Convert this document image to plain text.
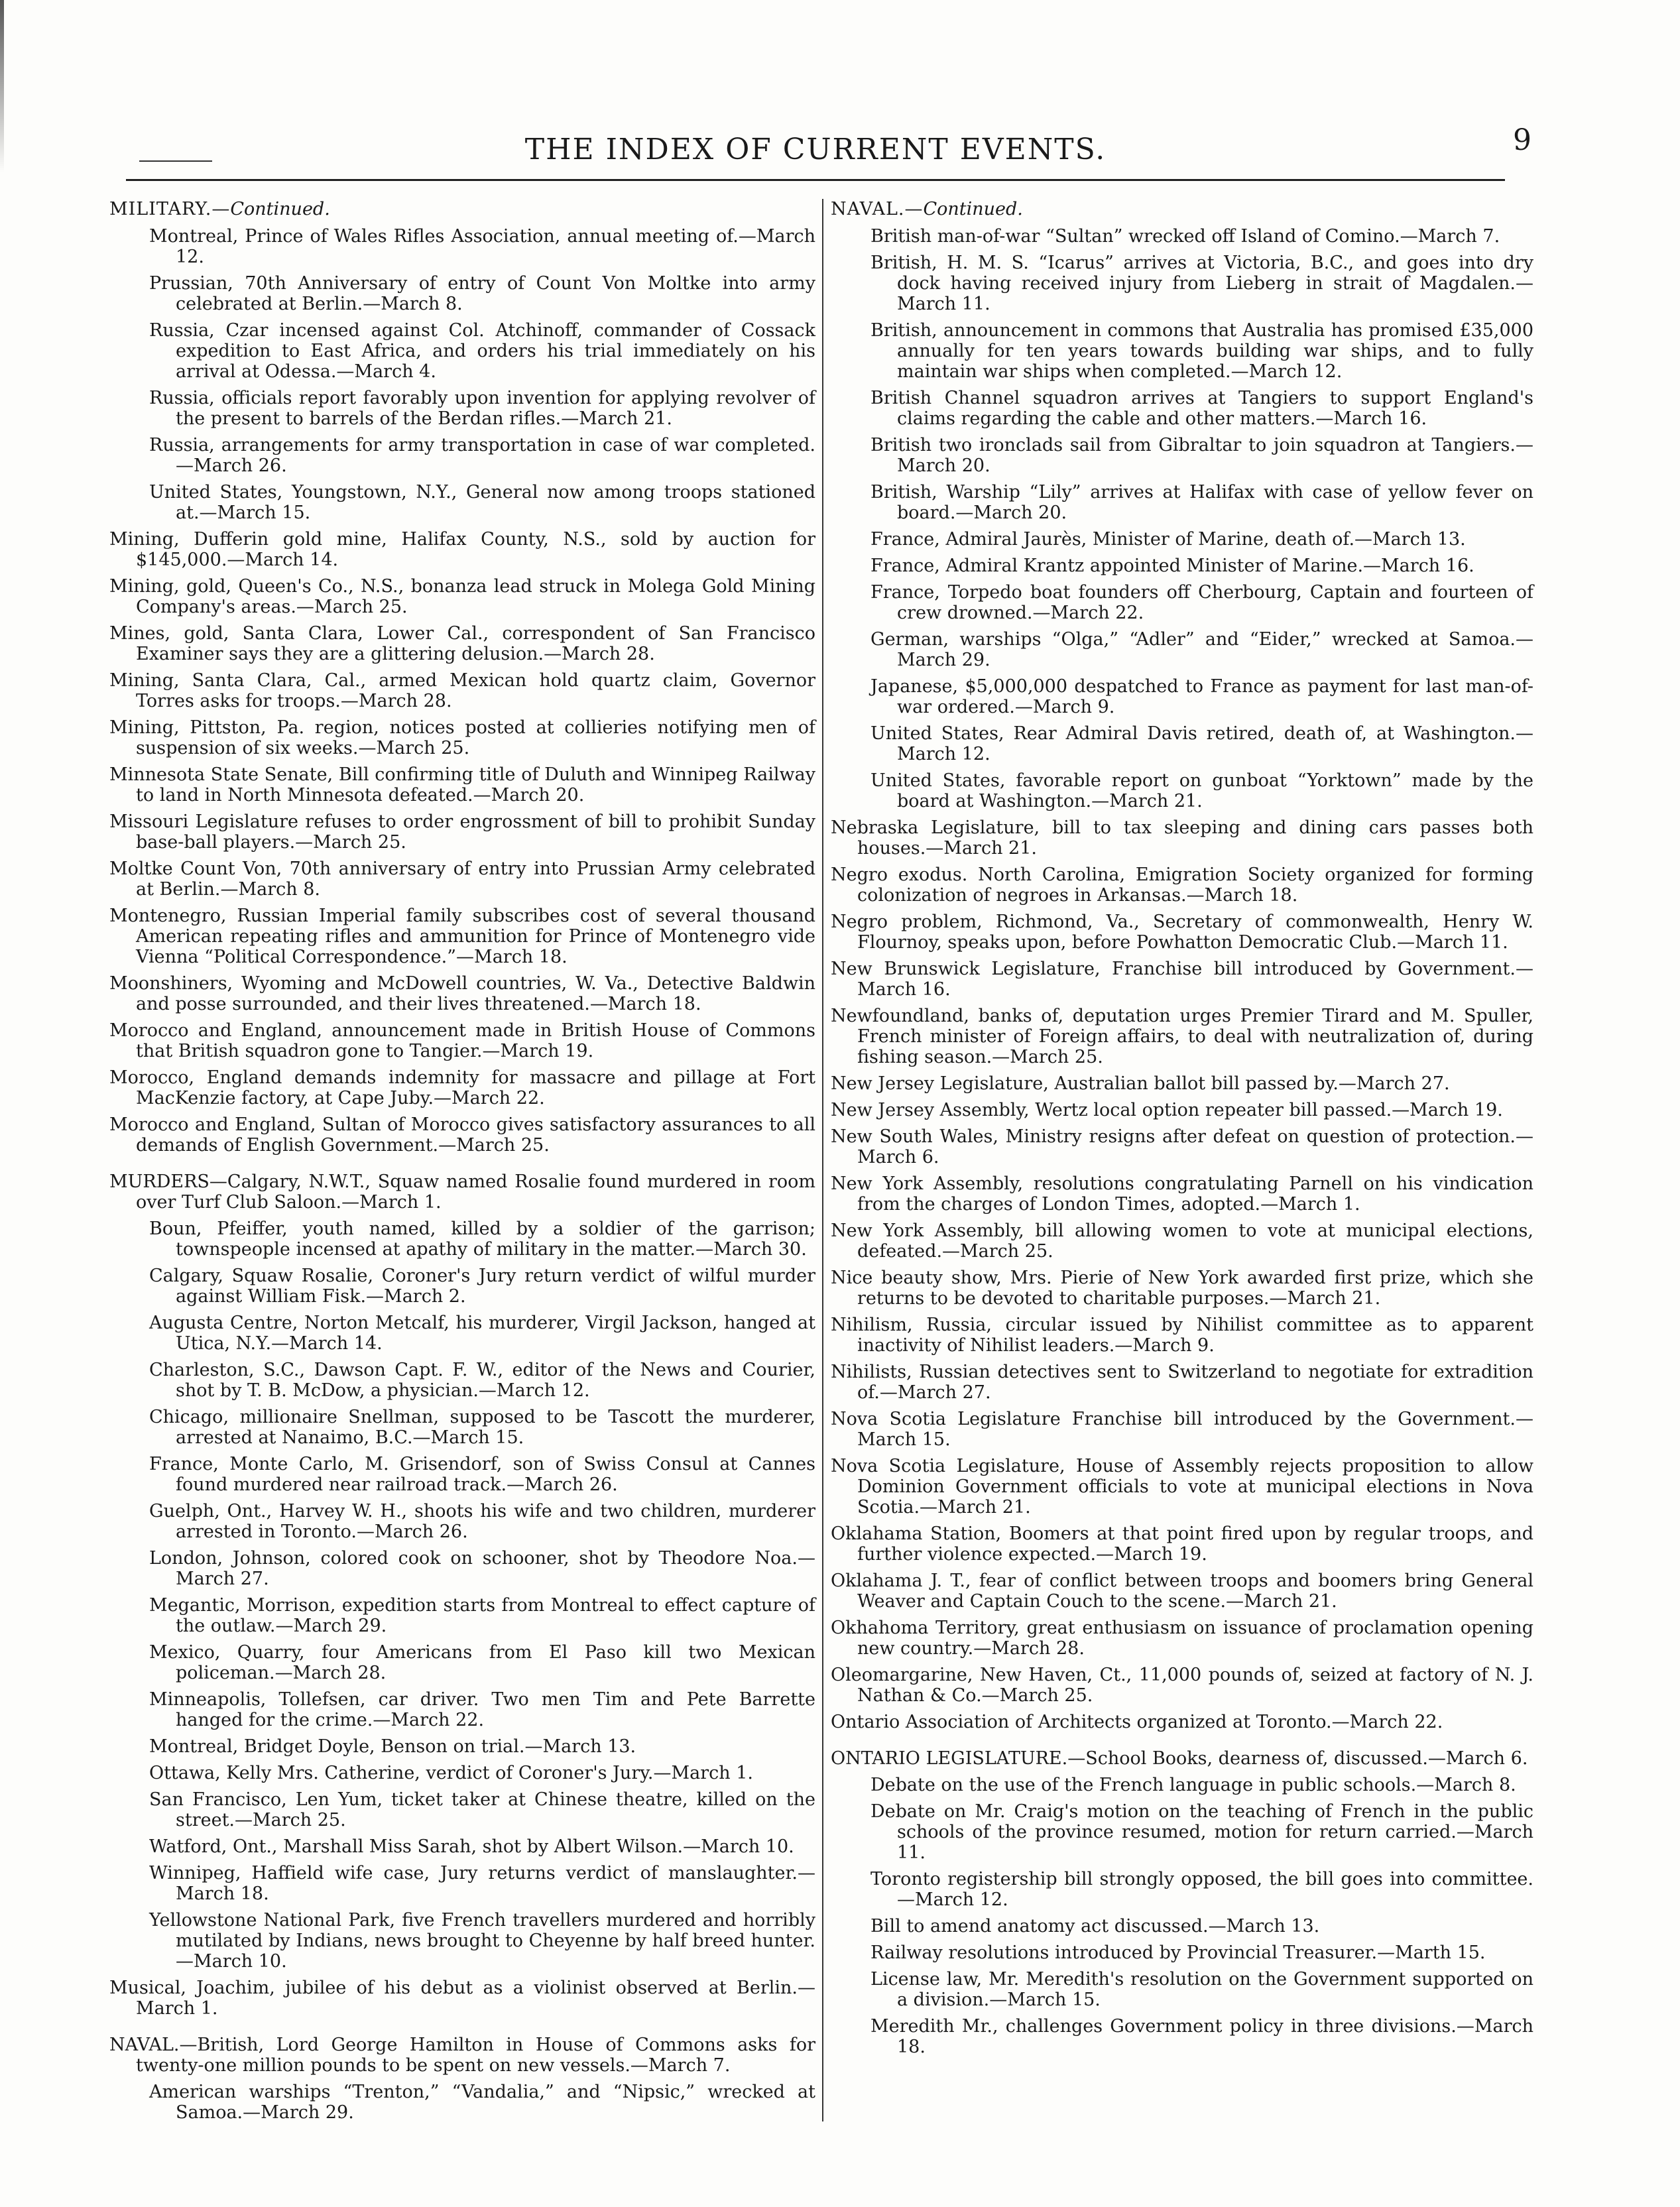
THE INDEX OF CURRENT EVENTS.	9
MILITARY.—Continued.
Montreal, Prince of Wales Rifles Association, annual meeting of.—March 12.
Prussian, 70th Anniversary of entry of Count Von Moltke into army celebrated at Berlin.—March 8.
Russia, Czar incensed against Col. Atchinoff, commander of Cossack expedition to East Africa, and orders his trial immediately on his arrival at Odessa.—March 4.
Russia, officials report favorably upon invention for applying revolver of the present to barrels of the Berdan rifles.—March 21.
Russia, arrangements for army transportation in case of war completed.—March 26.
United States, Youngstown, N.Y., General now among troops stationed at.—March 15.
Mining, Dufferin gold mine, Halifax County, N.S., sold by auction for $145,000.—March 14.
Mining, gold, Queen's Co., N.S., bonanza lead struck in Molega Gold Mining Company's areas.—March 25.
Mines, gold, Santa Clara, Lower Cal., correspondent of San Francisco Examiner says they are a glittering delusion.—March 28.
Mining, Santa Clara, Cal., armed Mexican hold quartz claim, Governor Torres asks for troops.—March 28.
Mining, Pittston, Pa. region, notices posted at collieries notifying men of suspension of six weeks.—March 25.
Minnesota State Senate, Bill confirming title of Duluth and Winnipeg Railway to land in North Minnesota defeated.—March 20.
Missouri Legislature refuses to order engrossment of bill to prohibit Sunday base-ball players.—March 25.
Moltke Count Von, 70th anniversary of entry into Prussian Army celebrated at Berlin.—March 8.
Montenegro, Russian Imperial family subscribes cost of several thousand American repeating rifles and ammunition for Prince of Montenegro vide Vienna “Political Correspondence.”—March 18.
Moonshiners, Wyoming and McDowell countries, W. Va., Detective Baldwin and posse surrounded, and their lives threatened.—March 18.
Morocco and England, announcement made in British House of Commons that British squadron gone to Tangier.—March 19.
Morocco, England demands indemnity for massacre and pillage at Fort MacKenzie factory, at Cape Juby.—March 22.
Morocco and England, Sultan of Morocco gives satisfactory assurances to all demands of English Government.—March 25.
MURDERS—Calgary, N.W.T., Squaw named Rosalie found murdered in room over Turf Club Saloon.—March 1.
Boun, Pfeiffer, youth named, killed by a soldier of the garrison; townspeople incensed at apathy of military in the matter.—March 30.
Calgary, Squaw Rosalie, Coroner's Jury return verdict of wilful murder against William Fisk.—March 2.
Augusta Centre, Norton Metcalf, his murderer, Virgil Jackson, hanged at Utica, N.Y.—March 14.
Charleston, S.C., Dawson Capt. F. W., editor of the News and Courier, shot by T. B. McDow, a physician.—March 12.
Chicago, millionaire Snellman, supposed to be Tascott the murderer, arrested at Nanaimo, B.C.—March 15.
France, Monte Carlo, M. Grisendorf, son of Swiss Consul at Cannes found murdered near railroad track.—March 26.
Guelph, Ont., Harvey W. H., shoots his wife and two children, murderer arrested in Toronto.—March 26.
London, Johnson, colored cook on schooner, shot by Theodore Noa.—March 27.
Megantic, Morrison, expedition starts from Montreal to effect capture of the outlaw.—March 29.
Mexico, Quarry, four Americans from El Paso kill two Mexican policeman.—March 28.
Minneapolis, Tollefsen, car driver. Two men Tim and Pete Barrette hanged for the crime.—March 22.
Montreal, Bridget Doyle, Benson on trial.—March 13.
Ottawa, Kelly Mrs. Catherine, verdict of Coroner's Jury.—March 1.
San Francisco, Len Yum, ticket taker at Chinese theatre, killed on the street.—March 25.
Watford, Ont., Marshall Miss Sarah, shot by Albert Wilson.—March 10.
Winnipeg, Haffield wife case, Jury returns verdict of manslaughter.—March 18.
Yellowstone National Park, five French travellers murdered and horribly mutilated by Indians, news brought to Cheyenne by half breed hunter.—March 10.
Musical, Joachim, jubilee of his debut as a violinist observed at Berlin.—March 1.
NAVAL.—British, Lord George Hamilton in House of Commons asks for twenty-one million pounds to be spent on new vessels.—March 7.
American warships “Trenton,” “Vandalia,” and “Nipsic,” wrecked at Samoa.—March 29.
NAVAL.—Continued.
British man-of-war “Sultan” wrecked off Island of Comino.—March 7.
British, H. M. S. “Icarus” arrives at Victoria, B.C., and goes into dry dock having received injury from Lieberg in strait of Magdalen.—March 11.
British, announcement in commons that Australia has promised £35,000 annually for ten years towards building war ships, and to fully maintain war ships when completed.—March 12.
British Channel squadron arrives at Tangiers to support England's claims regarding the cable and other matters.—March 16.
British two ironclads sail from Gibraltar to join squadron at Tangiers.—March 20.
British, Warship “Lily” arrives at Halifax with case of yellow fever on board.—March 20.
France, Admiral Jaurès, Minister of Marine, death of.—March 13.
France, Admiral Krantz appointed Minister of Marine.—March 16.
France, Torpedo boat founders off Cherbourg, Captain and fourteen of crew drowned.—March 22.
German, warships “Olga,” “Adler” and “Eider,” wrecked at Samoa.—March 29.
Japanese, $5,000,000 despatched to France as payment for last man-of-war ordered.—March 9.
United States, Rear Admiral Davis retired, death of, at Washington.—March 12.
United States, favorable report on gunboat “Yorktown” made by the board at Washington.—March 21.
Nebraska Legislature, bill to tax sleeping and dining cars passes both houses.—March 21.
Negro exodus. North Carolina, Emigration Society organized for forming colonization of negroes in Arkansas.—March 18.
Negro problem, Richmond, Va., Secretary of commonwealth, Henry W. Flournoy, speaks upon, before Powhatton Democratic Club.—March 11.
New Brunswick Legislature, Franchise bill introduced by Government.—March 16.
Newfoundland, banks of, deputation urges Premier Tirard and M. Spuller, French minister of Foreign affairs, to deal with neutralization of, during fishing season.—March 25.
New Jersey Legislature, Australian ballot bill passed by.—March 27.
New Jersey Assembly, Wertz local option repeater bill passed.—March 19.
New South Wales, Ministry resigns after defeat on question of protection.—March 6.
New York Assembly, resolutions congratulating Parnell on his vindication from the charges of London Times, adopted.—March 1.
New York Assembly, bill allowing women to vote at municipal elections, defeated.—March 25.
Nice beauty show, Mrs. Pierie of New York awarded first prize, which she returns to be devoted to charitable purposes.—March 21.
Nihilism, Russia, circular issued by Nihilist committee as to apparent inactivity of Nihilist leaders.—March 9.
Nihilists, Russian detectives sent to Switzerland to negotiate for extradition of.—March 27.
Nova Scotia Legislature Franchise bill introduced by the Government.—March 15.
Nova Scotia Legislature, House of Assembly rejects proposition to allow Dominion Government officials to vote at municipal elections in Nova Scotia.—March 21.
Oklahama Station, Boomers at that point fired upon by regular troops, and further violence expected.—March 19.
Oklahama J. T., fear of conflict between troops and boomers bring General Weaver and Captain Couch to the scene.—March 21.
Okhahoma Territory, great enthusiasm on issuance of proclamation opening new country.—March 28.
Oleomargarine, New Haven, Ct., 11,000 pounds of, seized at factory of N. J. Nathan & Co.—March 25.
Ontario Association of Architects organized at Toronto.—March 22.
ONTARIO LEGISLATURE.—School Books, dearness of, discussed.—March 6.
Debate on the use of the French language in public schools.—March 8.
Debate on Mr. Craig's motion on the teaching of French in the public schools of the province resumed, motion for return carried.—March 11.
Toronto registership bill strongly opposed, the bill goes into committee.—March 12.
Bill to amend anatomy act discussed.—March 13.
Railway resolutions introduced by Provincial Treasurer.—Marth 15.
License law, Mr. Meredith's resolution on the Government supported on a division.—March 15.
Meredith Mr., challenges Government policy in three divisions.—March 18.
